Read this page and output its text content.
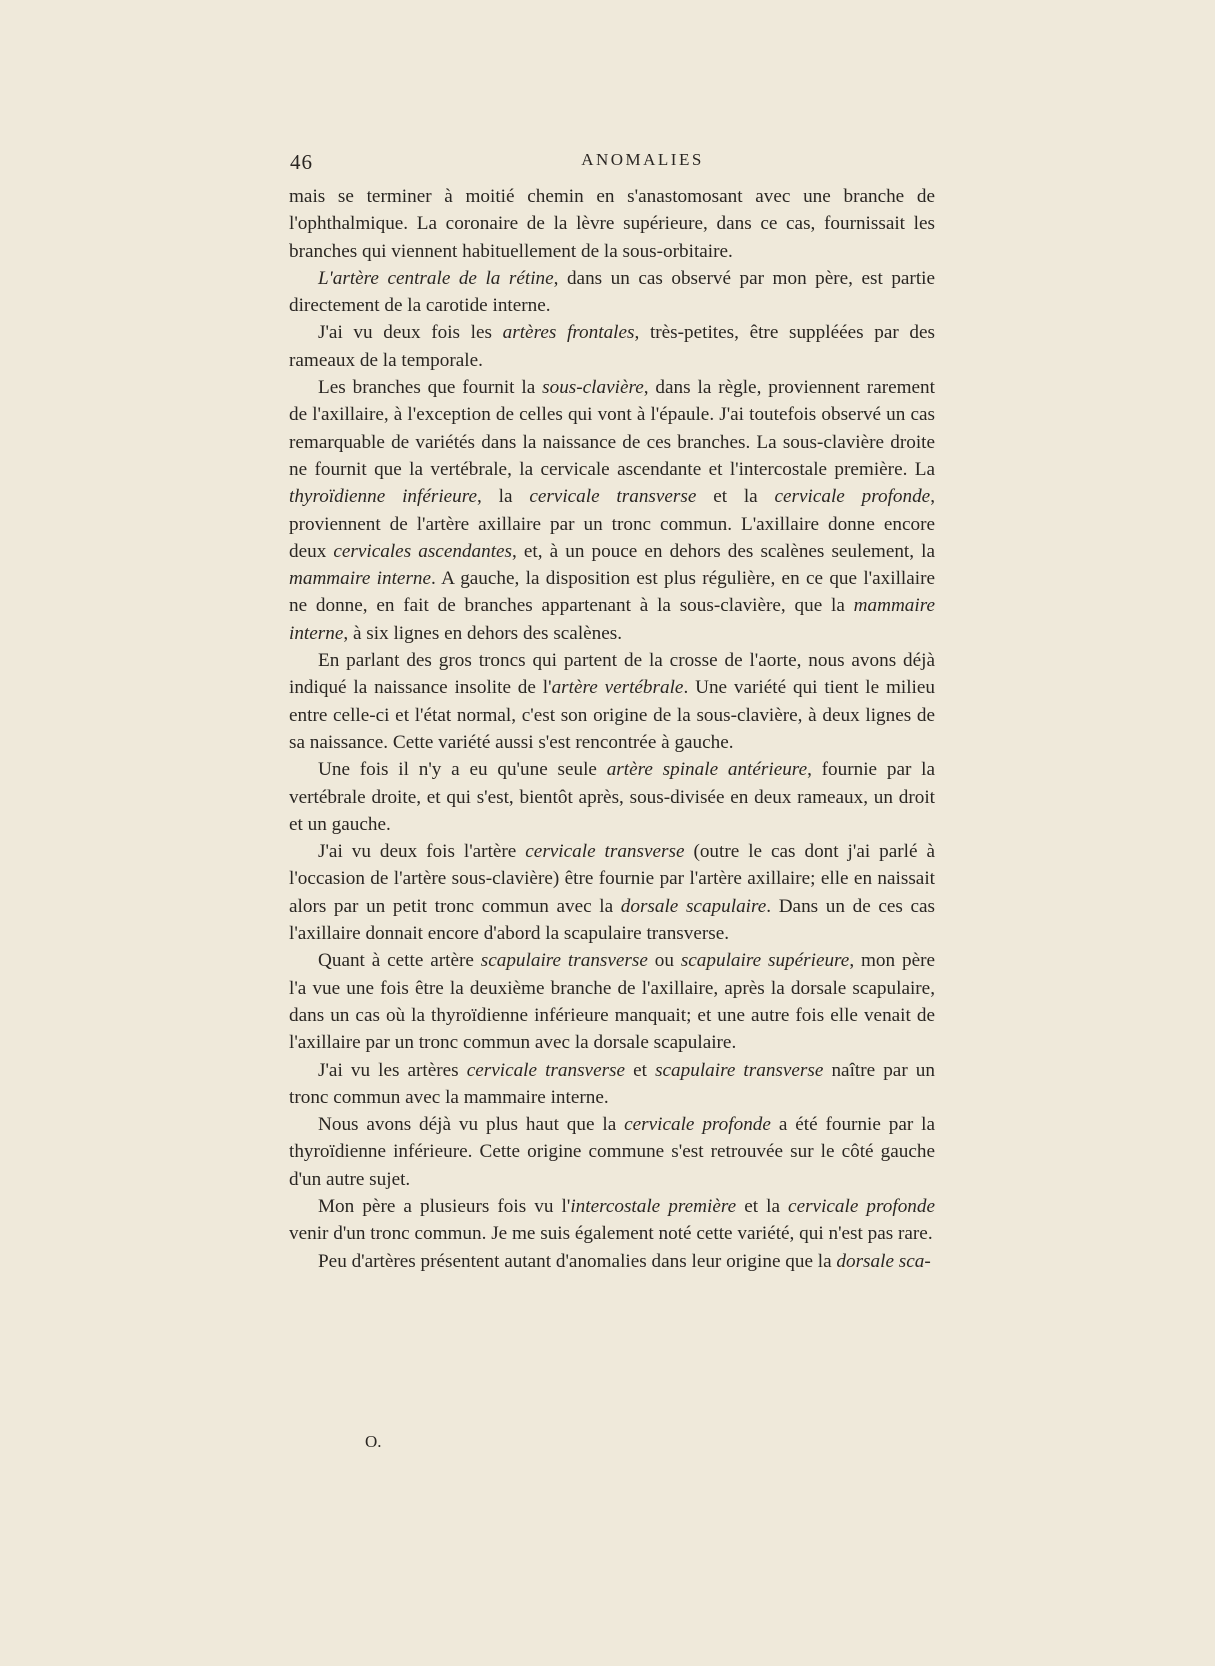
46	ANOMALIES

mais se terminer à moitié chemin en s'anastomosant avec une branche de l'ophthalmique. La coronaire de la lèvre supérieure, dans ce cas, fournissait les branches qui viennent habituellement de la sous-orbitaire.

L'artère centrale de la rétine, dans un cas observé par mon père, est partie directement de la carotide interne.

J'ai vu deux fois les artères frontales, très-petites, être suppléées par des rameaux de la temporale.

Les branches que fournit la sous-clavière, dans la règle, proviennent rarement de l'axillaire, à l'exception de celles qui vont à l'épaule. J'ai toutefois observé un cas remarquable de variétés dans la naissance de ces branches. La sous-clavière droite ne fournit que la vertébrale, la cervicale ascendante et l'intercostale première. La thyroïdienne inférieure, la cervicale transverse et la cervicale profonde, proviennent de l'artère axillaire par un tronc commun. L'axillaire donne encore deux cervicales ascendantes, et, à un pouce en dehors des scalènes seulement, la mammaire interne. A gauche, la disposition est plus régulière, en ce que l'axillaire ne donne, en fait de branches appartenant à la sous-clavière, que la mammaire interne, à six lignes en dehors des scalènes.

En parlant des gros troncs qui partent de la crosse de l'aorte, nous avons déjà indiqué la naissance insolite de l'artère vertébrale. Une variété qui tient le milieu entre celle-ci et l'état normal, c'est son origine de la sous-clavière, à deux lignes de sa naissance. Cette variété aussi s'est rencontrée à gauche.

Une fois il n'y a eu qu'une seule artère spinale antérieure, fournie par la vertébrale droite, et qui s'est, bientôt après, sous-divisée en deux rameaux, un droit et un gauche.

J'ai vu deux fois l'artère cervicale transverse (outre le cas dont j'ai parlé à l'occasion de l'artère sous-clavière) être fournie par l'artère axillaire; elle en naissait alors par un petit tronc commun avec la dorsale scapulaire. Dans un de ces cas l'axillaire donnait encore d'abord la scapulaire transverse.

Quant à cette artère scapulaire transverse ou scapulaire supérieure, mon père l'a vue une fois être la deuxième branche de l'axillaire, après la dorsale scapulaire, dans un cas où la thyroïdienne inférieure manquait; et une autre fois elle venait de l'axillaire par un tronc commun avec la dorsale scapulaire.

J'ai vu les artères cervicale transverse et scapulaire transverse naître par un tronc commun avec la mammaire interne.

Nous avons déjà vu plus haut que la cervicale profonde a été fournie par la thyroïdienne inférieure. Cette origine commune s'est retrouvée sur le côté gauche d'un autre sujet.

Mon père a plusieurs fois vu l'intercostale première et la cervicale profonde venir d'un tronc commun. Je me suis également noté cette variété, qui n'est pas rare.

Peu d'artères présentent autant d'anomalies dans leur origine que la dorsale sca-

O.
